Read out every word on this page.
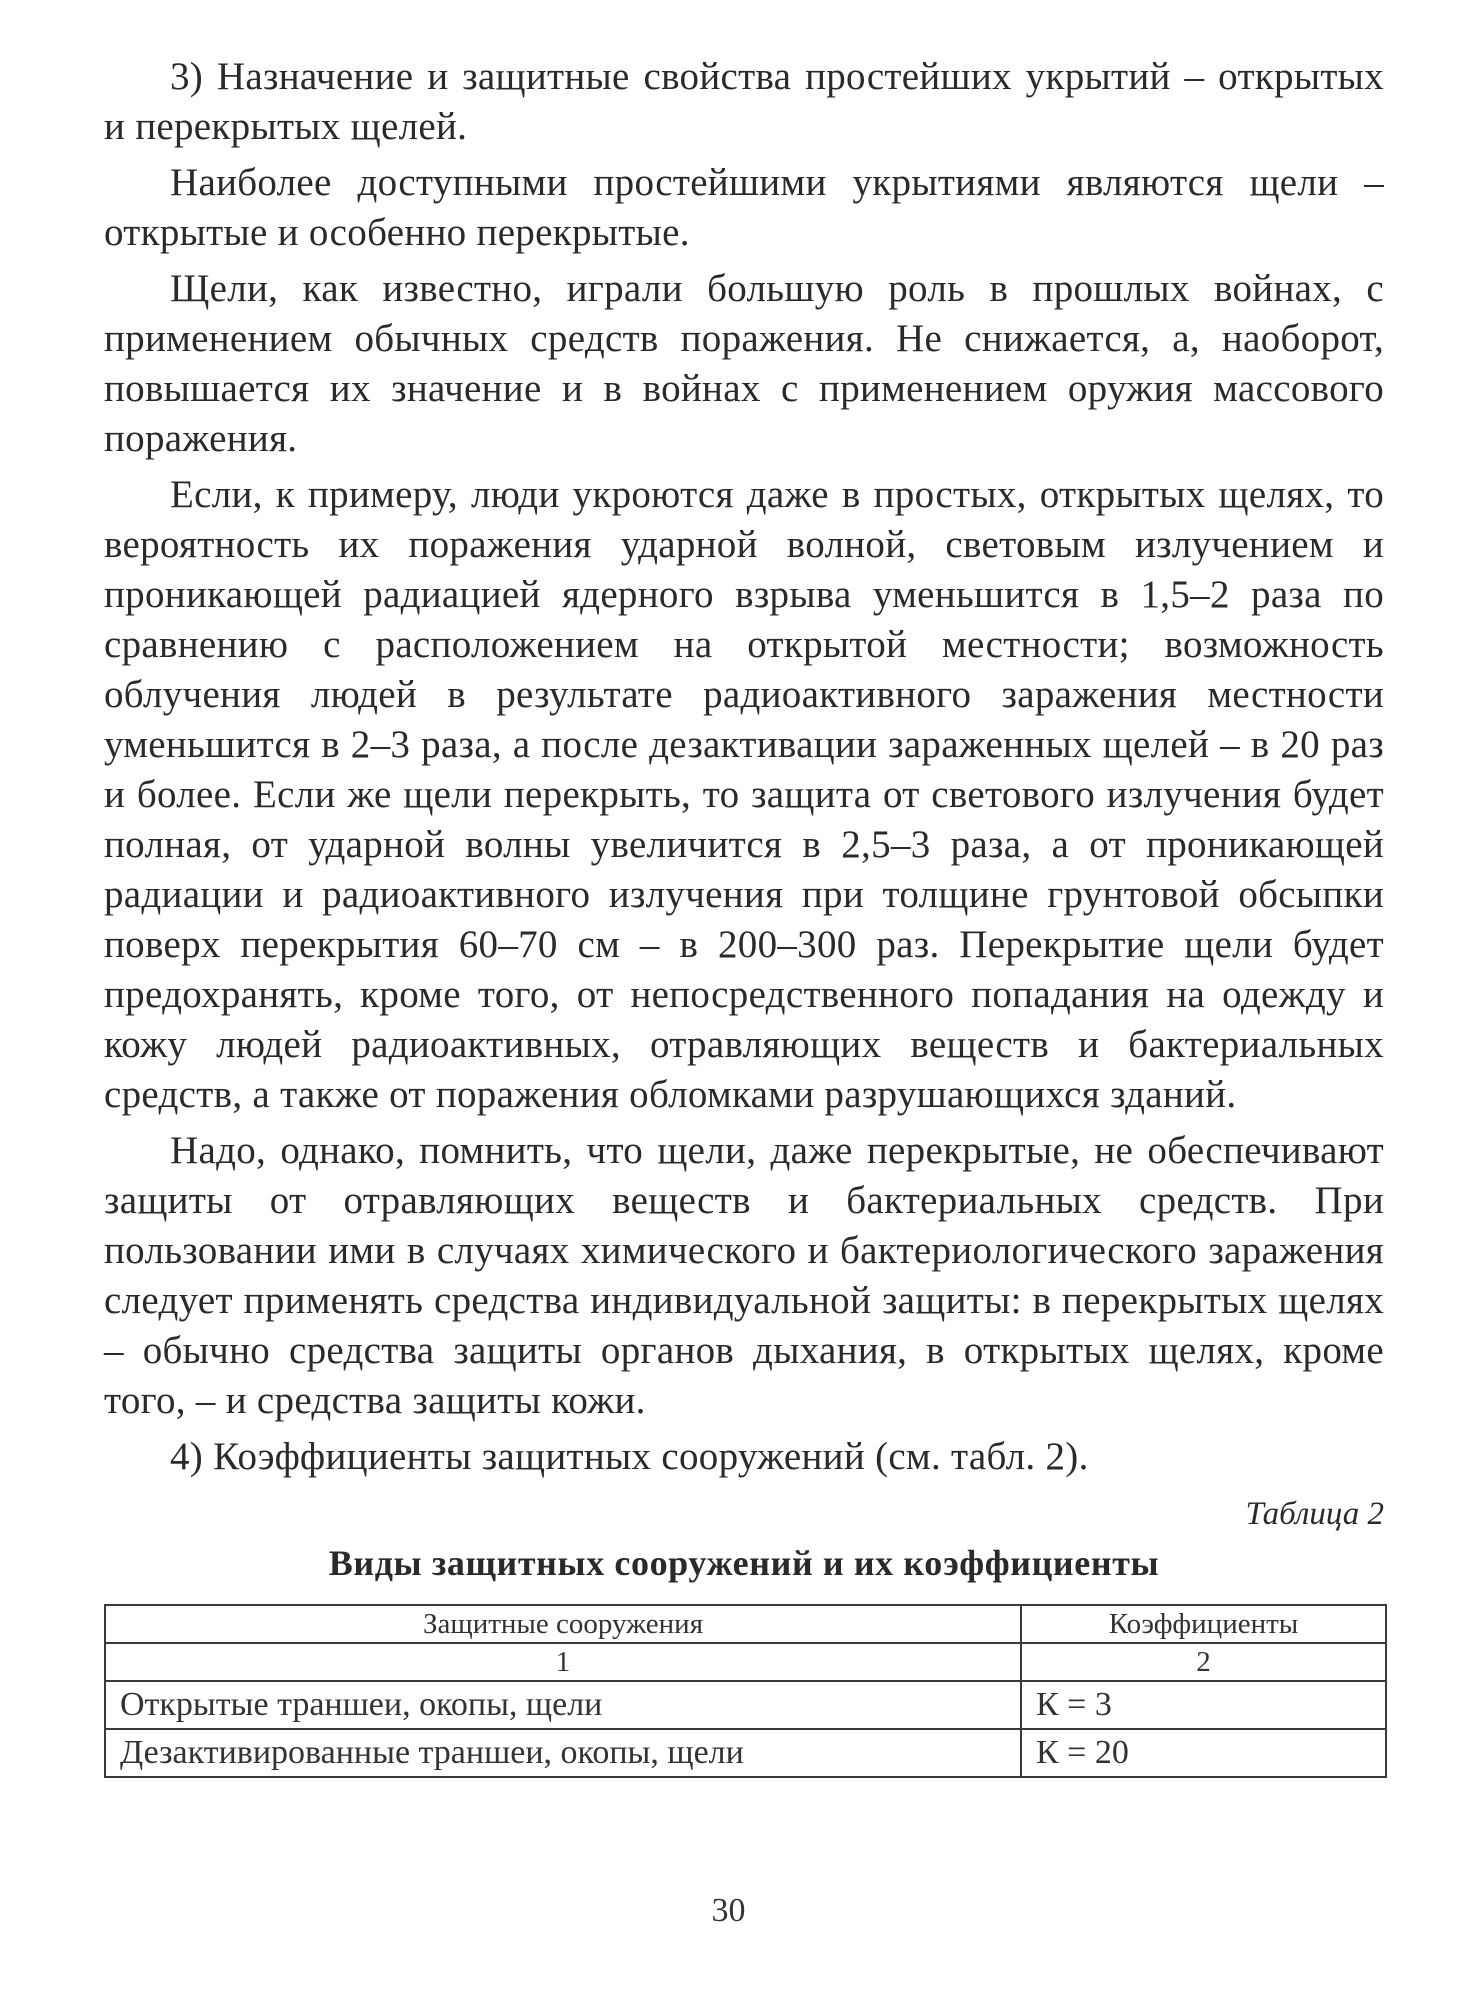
3) Назначение и защитные свойства простейших укрытий – открытых и перекрытых щелей.

Наиболее доступными простейшими укрытиями являются щели – открытые и особенно перекрытые.

Щели, как известно, играли большую роль в прошлых войнах, с применением обычных средств поражения. Не снижается, а, наоборот, повышается их значение и в войнах с применением оружия массового поражения.

Если, к примеру, люди укроются даже в простых, открытых щелях, то вероятность их поражения ударной волной, световым излучением и проникающей радиацией ядерного взрыва уменьшится в 1,5–2 раза по сравнению с расположением на открытой местности; возможность облучения людей в результате радиоактивного заражения местности уменьшится в 2–3 раза, а после дезактивации зараженных щелей – в 20 раз и более. Если же щели перекрыть, то защита от светового излучения будет полная, от ударной волны увеличится в 2,5–3 раза, а от проникающей радиации и радиоактивного излучения при толщине грунтовой обсыпки поверх перекрытия 60–70 см – в 200–300 раз. Перекрытие щели будет предохранять, кроме того, от непосредственного попадания на одежду и кожу людей радиоактивных, отравляющих веществ и бактериальных средств, а также от поражения обломками разрушающихся зданий.

Надо, однако, помнить, что щели, даже перекрытые, не обеспечивают защиты от отравляющих веществ и бактериальных средств. При пользовании ими в случаях химического и бактериологического заражения следует применять средства индивидуальной защиты: в перекрытых щелях – обычно средства защиты органов дыхания, в открытых щелях, кроме того, – и средства защиты кожи.

4) Коэффициенты защитных сооружений (см. табл. 2).

Таблица 2
Виды защитных сооружений и их коэффициенты
Защитные сооружения	Коэффициенты
1	2
Открытые траншеи, окопы, щели	К = 3
Дезактивированные траншеи, окопы, щели	К = 20
30
